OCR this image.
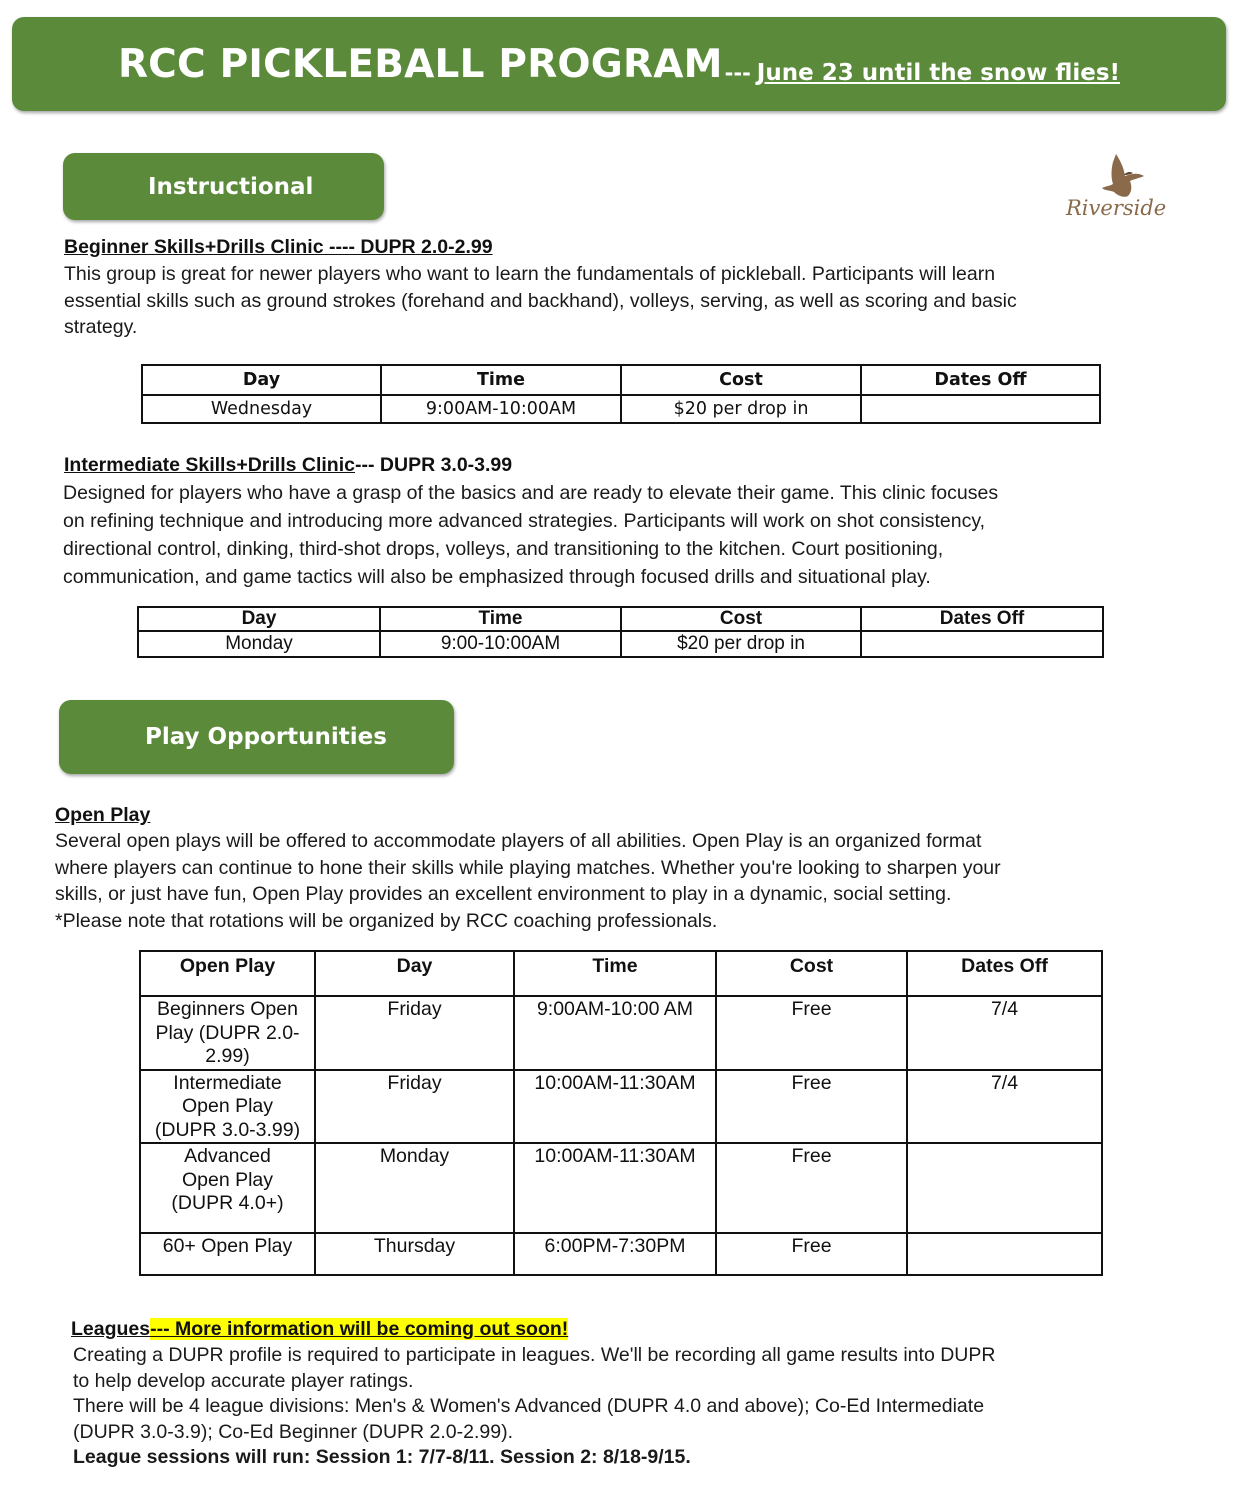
RCC PICKLEBALL PROGRAM --- June 23 until the snow flies!
Instructional
Riverside
Beginner Skills+Drills Clinic ---- DUPR 2.0-2.99
This group is great for newer players who want to learn the fundamentals of pickleball. Participants will learn
essential skills such as ground strokes (forehand and backhand), volleys, serving, as well as scoring and basic
strategy.
Day	Time	Cost	Dates Off
Wednesday	9:00AM-10:00AM	$20 per drop in	
Intermediate Skills+Drills Clinic--- DUPR 3.0-3.99
Designed for players who have a grasp of the basics and are ready to elevate their game. This clinic focuses
on refining technique and introducing more advanced strategies. Participants will work on shot consistency,
directional control, dinking, third-shot drops, volleys, and transitioning to the kitchen. Court positioning,
communication, and game tactics will also be emphasized through focused drills and situational play.
Day	Time	Cost	Dates Off
Monday	9:00-10:00AM	$20 per drop in	
Play Opportunities
Open Play
Several open plays will be offered to accommodate players of all abilities. Open Play is an organized format
where players can continue to hone their skills while playing matches. Whether you're looking to sharpen your
skills, or just have fun, Open Play provides an excellent environment to play in a dynamic, social setting.
*Please note that rotations will be organized by RCC coaching professionals.
Open Play	Day	Time	Cost	Dates Off

Beginners Open
Play (DUPR 2.0-
2.99)	Friday	9:00AM-10:00 AM	Free	7/4

Intermediate
Open Play
(DUPR 3.0-3.99)	Friday	10:00AM-11:30AM	Free	7/4

Advanced
Open Play
(DUPR 4.0+)	Monday	10:00AM-11:30AM	Free	

60+ Open Play	Thursday	6:00PM-7:30PM	Free	
Leagues--- More information will be coming out soon!
Creating a DUPR profile is required to participate in leagues. We'll be recording all game results into DUPR
to help develop accurate player ratings.
There will be 4 league divisions: Men's & Women's Advanced (DUPR 4.0 and above); Co-Ed Intermediate
(DUPR 3.0-3.9); Co-Ed Beginner (DUPR 2.0-2.99).
League sessions will run: Session 1: 7/7-8/11. Session 2: 8/18-9/15.
